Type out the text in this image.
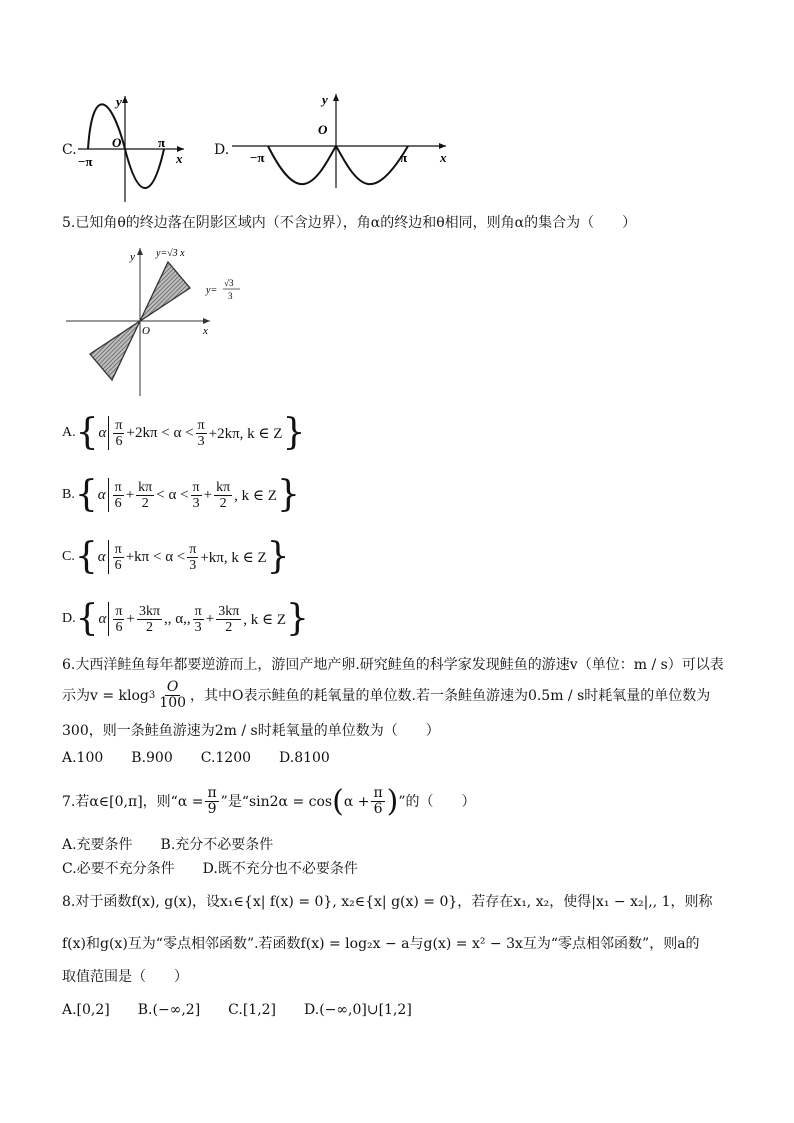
C.
y
x
O
−π
π	D.
y
x
O
−π	π
5.已知角θ的终边落在阴影区域内（不含边界），角α的终边和θ相同，则角α的集合为（　　）
y
x
O
y=√3 x
y=
√3
3
A. { α $\frac{\pi}{6} +2k\pi < \alpha < \frac{\pi}{3} +2k\pi$, k ∈ Z }
B. { α $\frac{\pi}{6} + \frac{k\pi}{2} < \alpha < \frac{\pi}{3} + \frac{k\pi}{2}$ , k ∈ Z }
C. { α $\frac{\pi}{6} +k\pi < \alpha < \frac{\pi}{3} +k\pi$, k ∈ Z }
D. { α $\frac{\pi}{6} + \frac{3k\pi}{2}$ ,, α,, $\frac{\pi}{3} + \frac{3k\pi}{2}$ , k ∈ Z }
6.大西洋鲑鱼每年都要逆游而上，游回产地产卵.研究鲑鱼的科学家发现鲑鱼的游速v（单位：m / s）可以表
示为v = klog $3 \frac{O}{100}$ ，其中O表示鲑鱼的耗氧量的单位数.若一条鲑鱼游速为0.5m / s时耗氧量的单位数为
300，则一条鲑鱼游速为2m / s时耗氧量的单位数为（　　）
A.100　　B.900　　C.1200　　D.8100
7.若α∈[0,π]，则“$\alpha = \frac{\pi}{9}$ ”是“sin2α = cos ( $\alpha + \frac{\pi}{6}$ ) ”的（　　）
A.充要条件　　B.充分不必要条件
C.必要不充分条件　　D.既不充分也不必要条件
8.对于函数f(x), g(x)，设x₁∈{x| f(x) = 0}, x₂∈{x| g(x) = 0}，若存在x₁, x₂，使得|x₁ − x₂|,, 1，则称
f(x)和g(x)互为“零点相邻函数”.若函数f(x) = log₂x − a与g(x) = x² − 3x互为“零点相邻函数”，则a的
取值范围是（　　）
A.[0,2]　　B.(−∞,2]　　C.[1,2]　　D.(−∞,0]∪[1,2]
